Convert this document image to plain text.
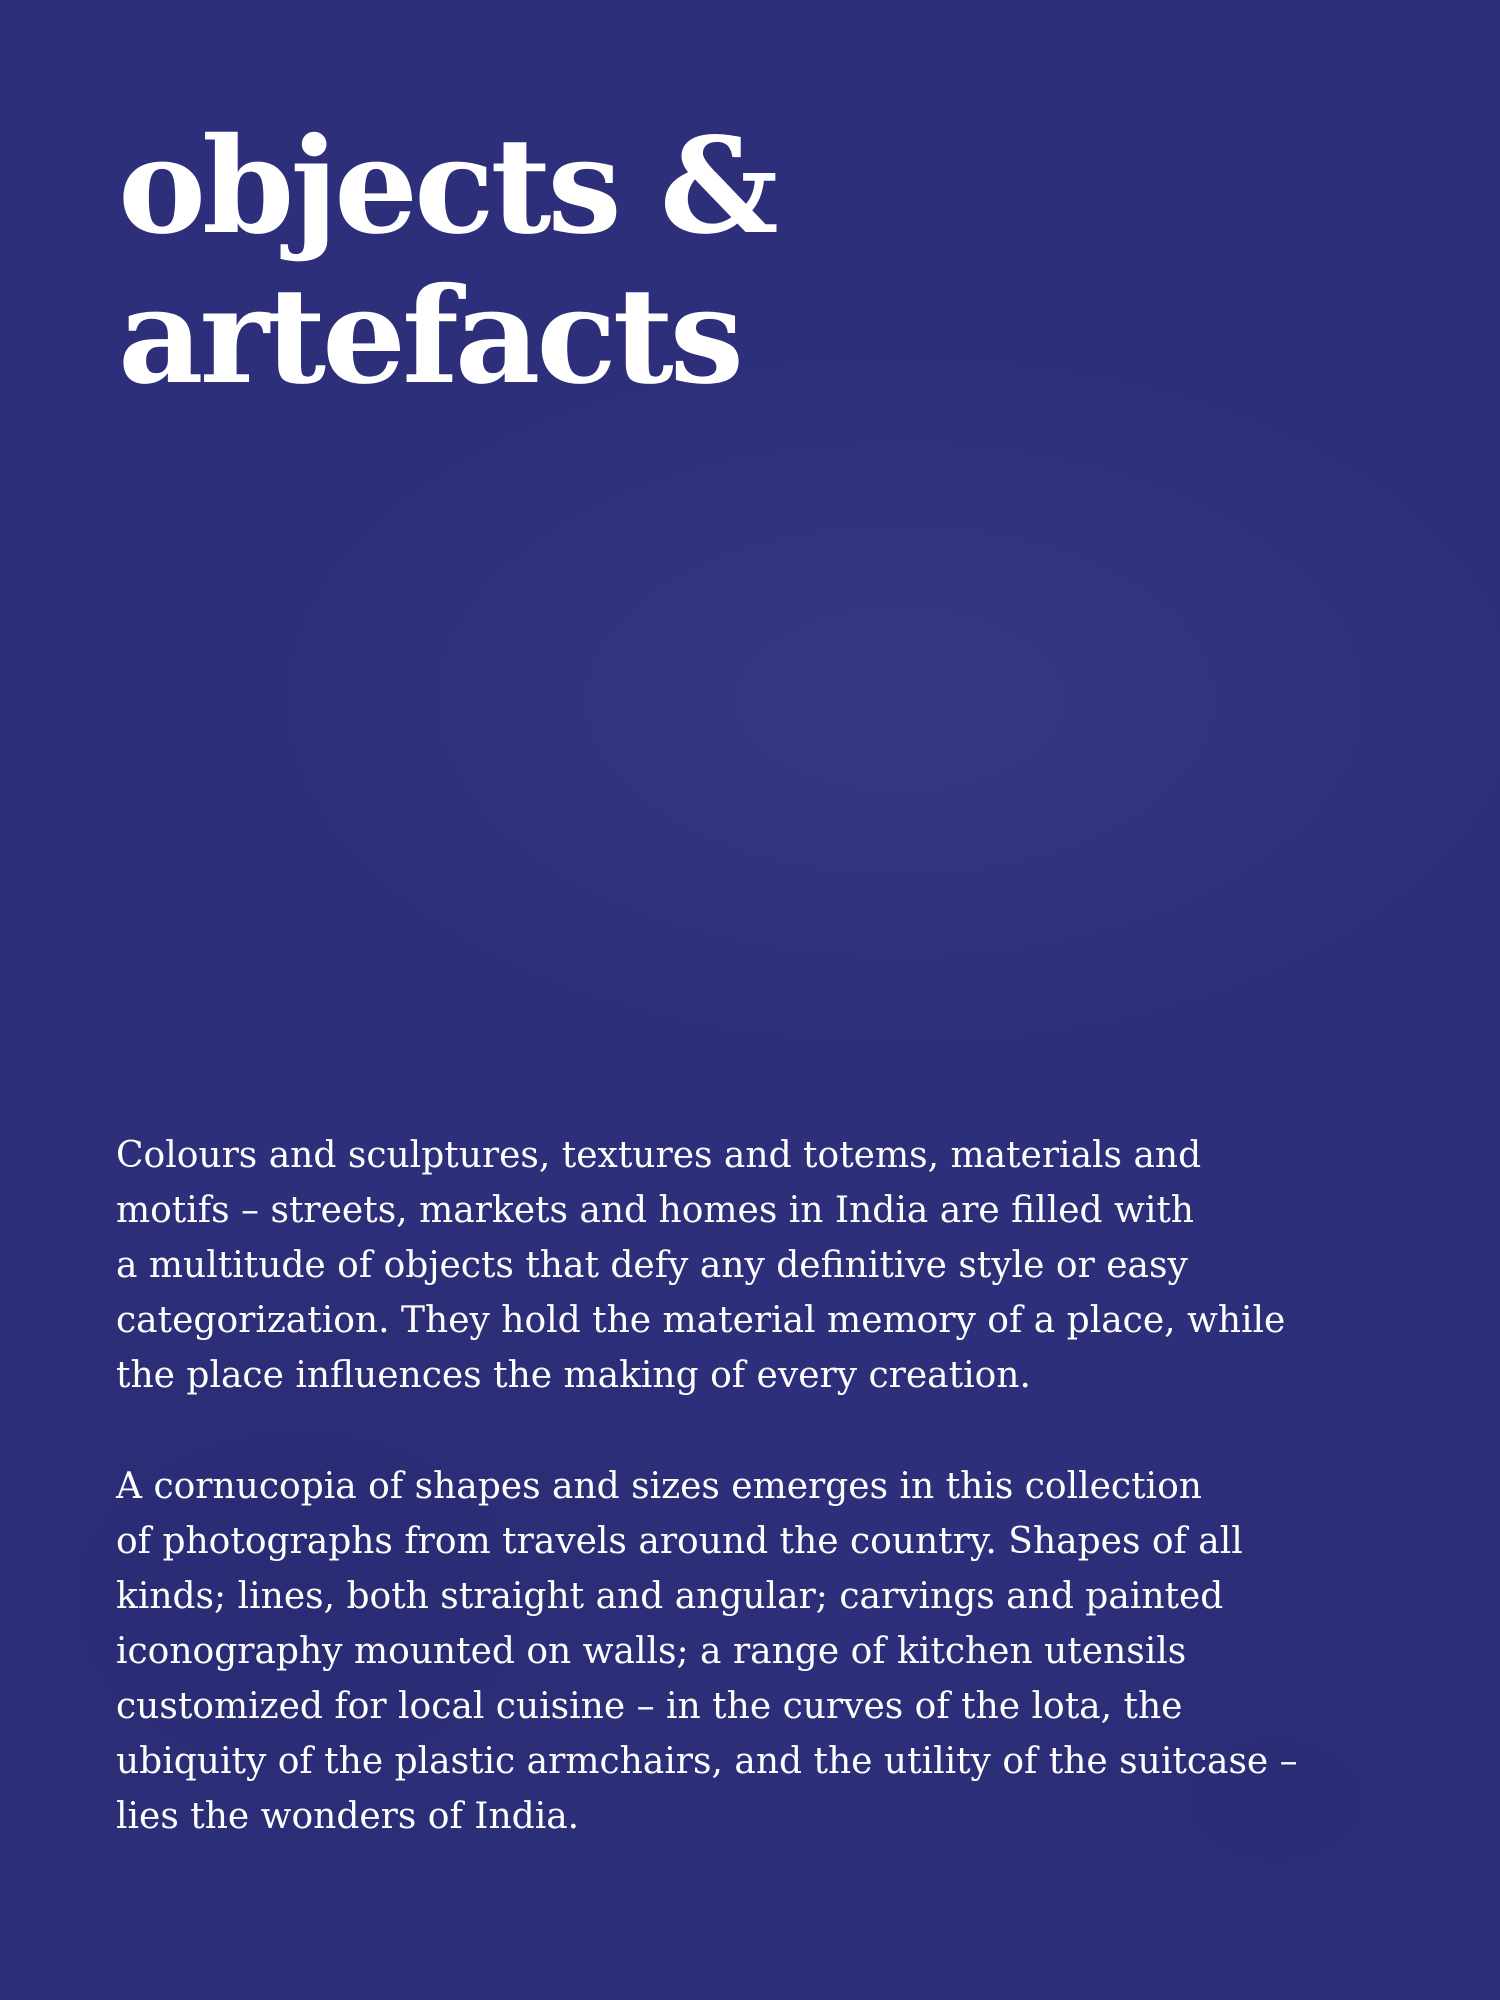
objects &
artefacts

Colours and sculptures, textures and totems, materials and
motifs – streets, markets and homes in India are filled with
a multitude of objects that defy any definitive style or easy
categorization. They hold the material memory of a place, while
the place influences the making of every creation.

A cornucopia of shapes and sizes emerges in this collection
of photographs from travels around the country. Shapes of all
kinds; lines, both straight and angular; carvings and painted
iconography mounted on walls; a range of kitchen utensils
customized for local cuisine – in the curves of the lota, the
ubiquity of the plastic armchairs, and the utility of the suitcase –
lies the wonders of India.
